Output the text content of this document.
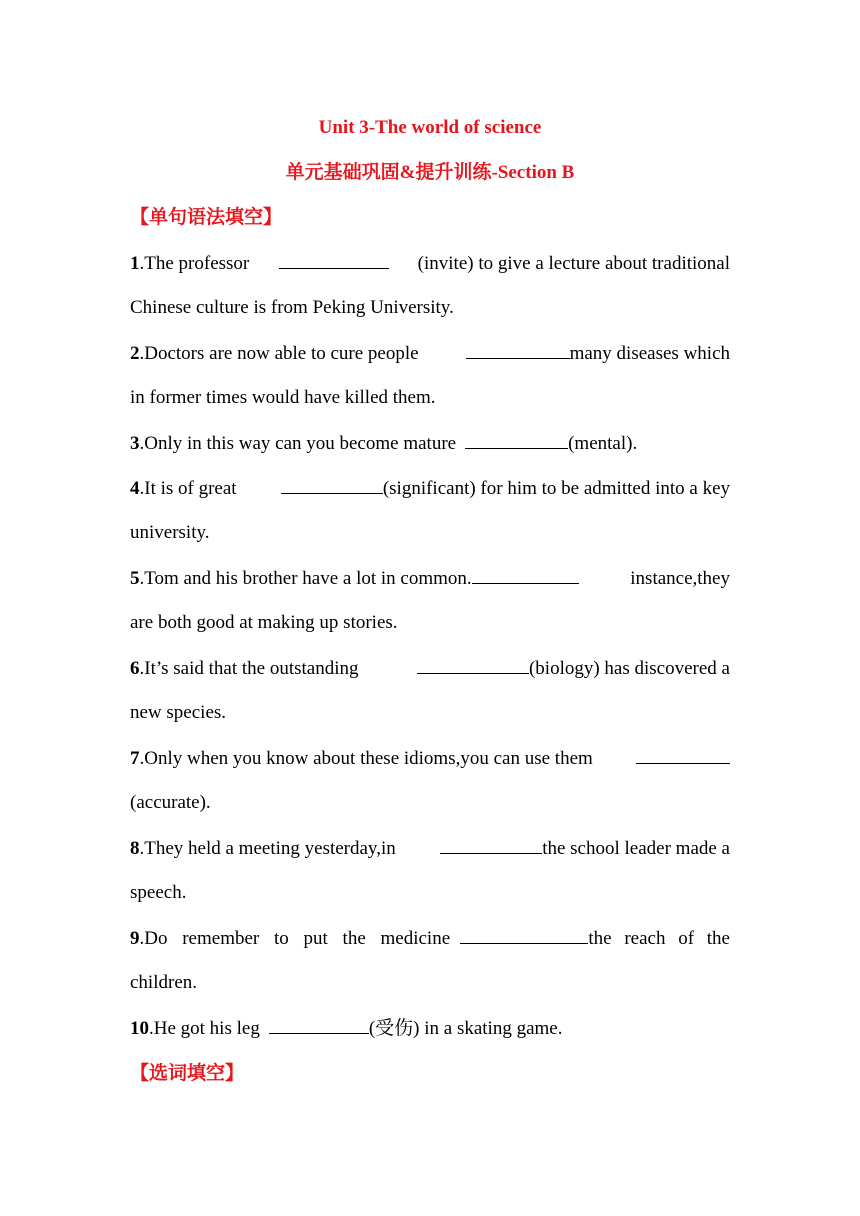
Unit 3-The world of science
单元基础巩固&提升训练-Section B
【单句语法填空】
1.The professor	(invite) to give a lecture about traditional
Chinese culture is from Peking University.
2.Doctors are now able to cure people	many diseases which
in former times would have killed them.
3.Only in this way can you become mature	(mental).
4.It is of great	(significant) for him to be admitted into a key
university.
5.Tom and his brother have a lot in common.	instance,they
are both good at making up stories.
6.It’s said that the outstanding	(biology) has discovered a
new species.
7.Only when you know about these idioms,you can use them
(accurate).
8.They held a meeting yesterday,in	the school leader made a
speech.
9.Do remember to put the medicine	the reach of the
children.
10.He got his leg	(受伤) in a skating game.
【选词填空】
